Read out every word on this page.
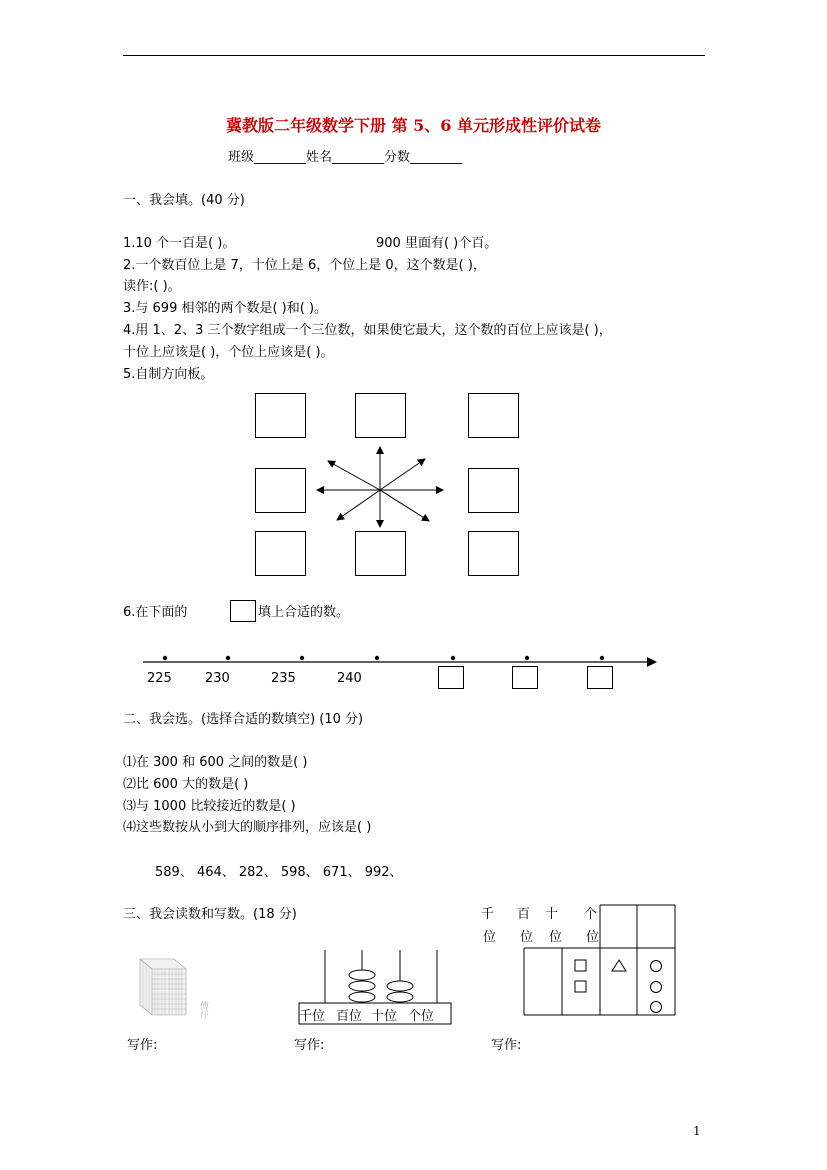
冀教版二年级数学下册 第 5、6 单元形成性评价试卷
班级________姓名________分数________
一、我会填。(40 分)
1.10 个一百是( )。	900 里面有( )个百。
2.一个数百位上是 7，十位上是 6，个位上是 0，这个数是( )，
读作:( )。
3.与 699 相邻的两个数是( )和( )。
4.用 1、2、3 三个数字组成一个三位数，如果使它最大，这个数的百位上应该是( )，
十位上应该是( )，个位上应该是( )。
5.自制方向板。
6.在下面的	填上合适的数。
225	230	235	240
二、我会选。(选择合适的数填空) (10 分)
⑴在 300 和 600 之间的数是( )
⑵比 600 大的数是( )
⑶与 1000 比较接近的数是( )
⑷这些数按从小到大的顺序排列，应该是( )
589、 464、 282、 598、 671、 992、
三、我会读数和写数。(18 分)
傅
仔	千位 百位 十位 个位
千 百 十 个
位 位 位 位
写作:	写作:	写作:
1
